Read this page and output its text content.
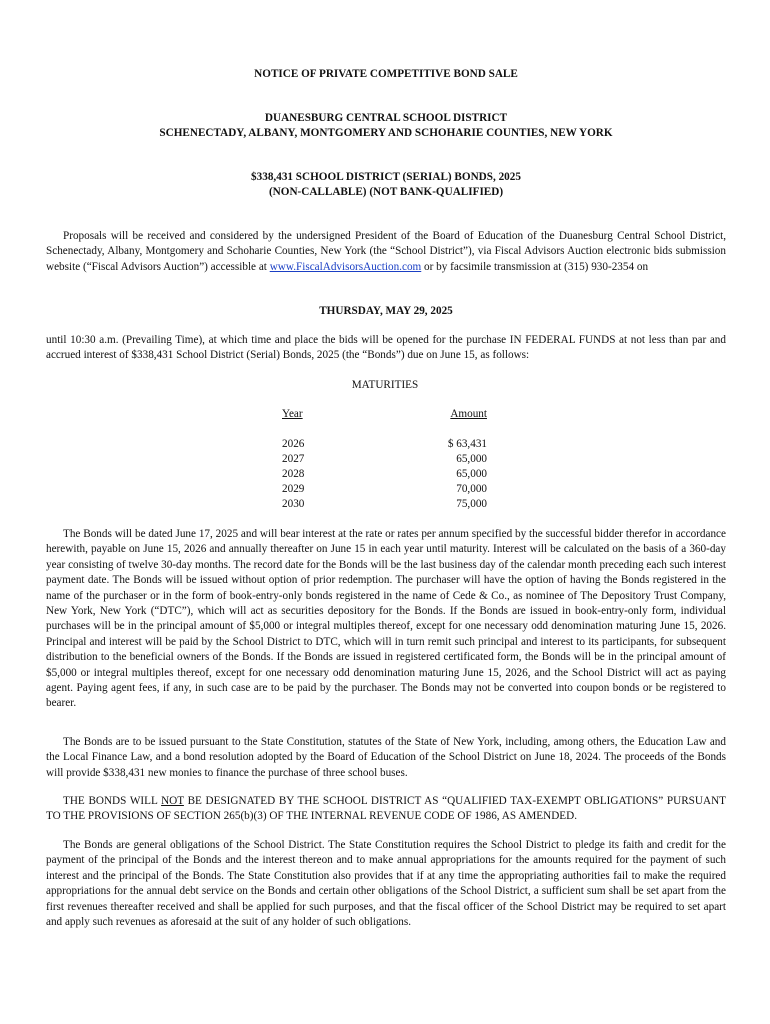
NOTICE OF PRIVATE COMPETITIVE BOND SALE
DUANESBURG CENTRAL SCHOOL DISTRICT
SCHENECTADY, ALBANY, MONTGOMERY AND SCHOHARIE COUNTIES, NEW YORK
$338,431 SCHOOL DISTRICT (SERIAL) BONDS, 2025
(NON-CALLABLE) (NOT BANK-QUALIFIED)
Proposals will be received and considered by the undersigned President of the Board of Education of the Duanesburg Central School District, Schenectady, Albany, Montgomery and Schoharie Counties, New York (the “School District”), via Fiscal Advisors Auction electronic bids submission website (“Fiscal Advisors Auction”) accessible at www.FiscalAdvisorsAuction.com or by facsimile transmission at (315) 930-2354 on
THURSDAY, MAY 29, 2025
until 10:30 a.m. (Prevailing Time), at which time and place the bids will be opened for the purchase IN FEDERAL FUNDS at not less than par and accrued interest of $338,431 School District (Serial) Bonds, 2025 (the “Bonds”) due on June 15, as follows:
MATURITIES
Year	Amount
2026	$ 63,431
2027	65,000
2028	65,000
2029	70,000
2030	75,000
The Bonds will be dated June 17, 2025 and will bear interest at the rate or rates per annum specified by the successful bidder therefor in accordance herewith, payable on June 15, 2026 and annually thereafter on June 15 in each year until maturity. Interest will be calculated on the basis of a 360-day year consisting of twelve 30-day months. The record date for the Bonds will be the last business day of the calendar month preceding each such interest payment date. The Bonds will be issued without option of prior redemption. The purchaser will have the option of having the Bonds registered in the name of the purchaser or in the form of book-entry-only bonds registered in the name of Cede & Co., as nominee of The Depository Trust Company, New York, New York (“DTC”), which will act as securities depository for the Bonds. If the Bonds are issued in book-entry-only form, individual purchases will be in the principal amount of $5,000 or integral multiples thereof, except for one necessary odd denomination maturing June 15, 2026. Principal and interest will be paid by the School District to DTC, which will in turn remit such principal and interest to its participants, for subsequent distribution to the beneficial owners of the Bonds. If the Bonds are issued in registered certificated form, the Bonds will be in the principal amount of $5,000 or integral multiples thereof, except for one necessary odd denomination maturing June 15, 2026, and the School District will act as paying agent. Paying agent fees, if any, in such case are to be paid by the purchaser. The Bonds may not be converted into coupon bonds or be registered to bearer.
The Bonds are to be issued pursuant to the State Constitution, statutes of the State of New York, including, among others, the Education Law and the Local Finance Law, and a bond resolution adopted by the Board of Education of the School District on June 18, 2024. The proceeds of the Bonds will provide $338,431 new monies to finance the purchase of three school buses.
THE BONDS WILL NOT BE DESIGNATED BY THE SCHOOL DISTRICT AS “QUALIFIED TAX-EXEMPT OBLIGATIONS” PURSUANT TO THE PROVISIONS OF SECTION 265(b)(3) OF THE INTERNAL REVENUE CODE OF 1986, AS AMENDED.
The Bonds are general obligations of the School District. The State Constitution requires the School District to pledge its faith and credit for the payment of the principal of the Bonds and the interest thereon and to make annual appropriations for the amounts required for the payment of such interest and the principal of the Bonds. The State Constitution also provides that if at any time the appropriating authorities fail to make the required appropriations for the annual debt service on the Bonds and certain other obligations of the School District, a sufficient sum shall be set apart from the first revenues thereafter received and shall be applied for such purposes, and that the fiscal officer of the School District may be required to set apart and apply such revenues as aforesaid at the suit of any holder of such obligations.
